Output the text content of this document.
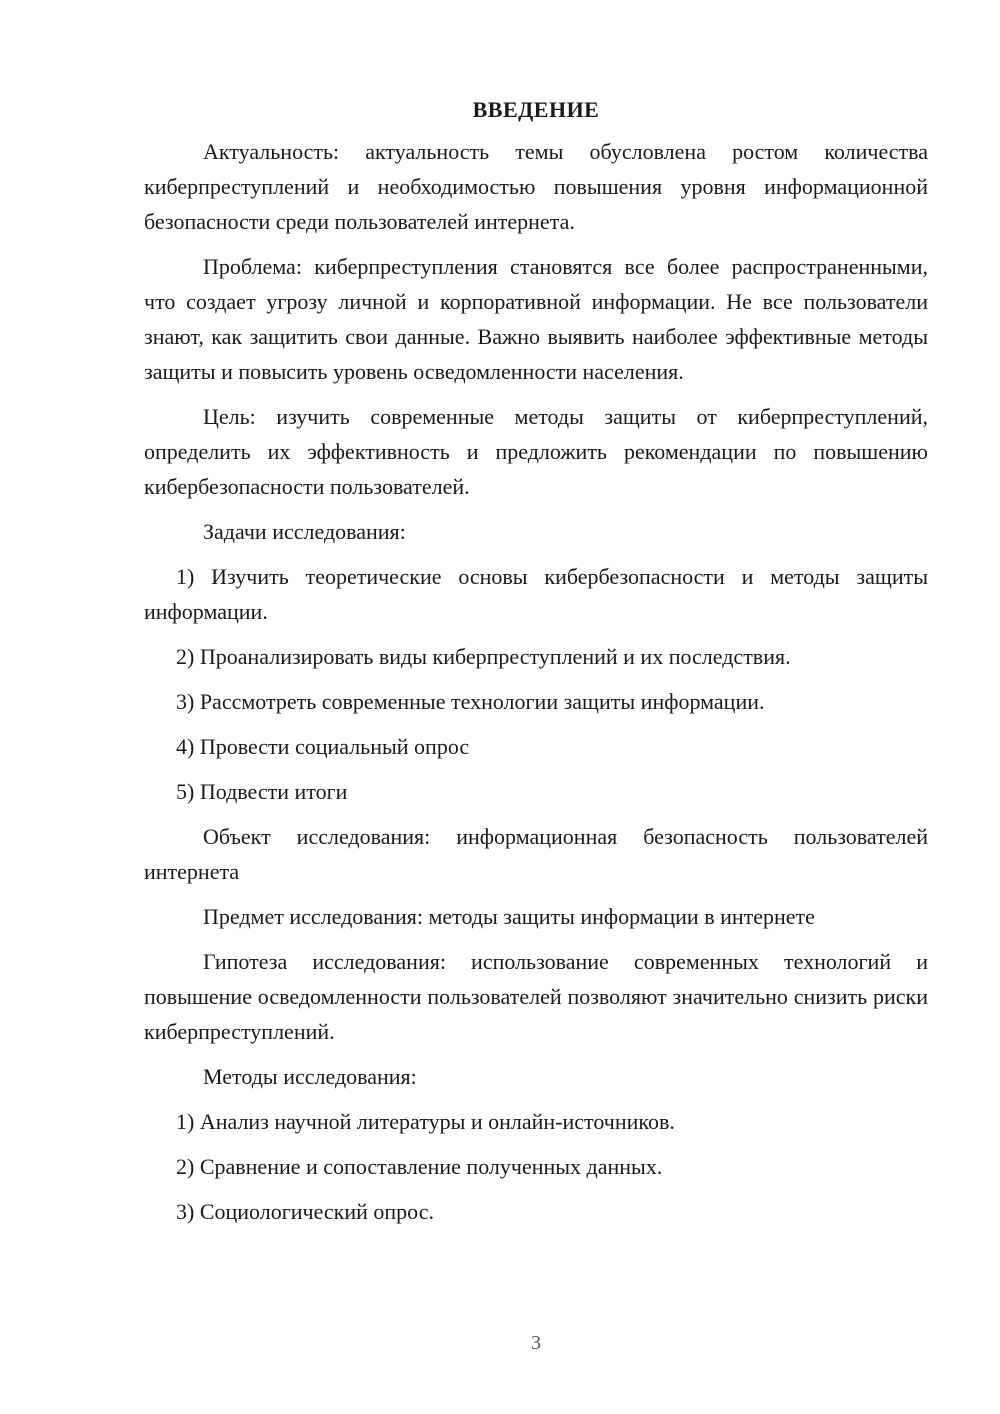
ВВЕДЕНИЕ

Актуальность: актуальность темы обусловлена ростом количества киберпреступлений и необходимостью повышения уровня информационной безопасности среди пользователей интернета.

Проблема: киберпреступления становятся все более распространенными, что создает угрозу личной и корпоративной информации. Не все пользователи знают, как защитить свои данные. Важно выявить наиболее эффективные методы защиты и повысить уровень осведомленности населения.

Цель: изучить современные методы защиты от киберпреступлений, определить их эффективность и предложить рекомендации по повышению кибербезопасности пользователей.

Задачи исследования:

1) Изучить теоретические основы кибербезопасности и методы защиты информации.

2) Проанализировать виды киберпреступлений и их последствия.

3) Рассмотреть современные технологии защиты информации.

4) Провести социальный опрос

5) Подвести итоги

Объект исследования: информационная безопасность пользователей интернета

Предмет исследования: методы защиты информации в интернете

Гипотеза исследования: использование современных технологий и повышение осведомленности пользователей позволяют значительно снизить риски киберпреступлений.

Методы исследования:

1) Анализ научной литературы и онлайн-источников.

2) Сравнение и сопоставление полученных данных.

3) Социологический опрос.

3
